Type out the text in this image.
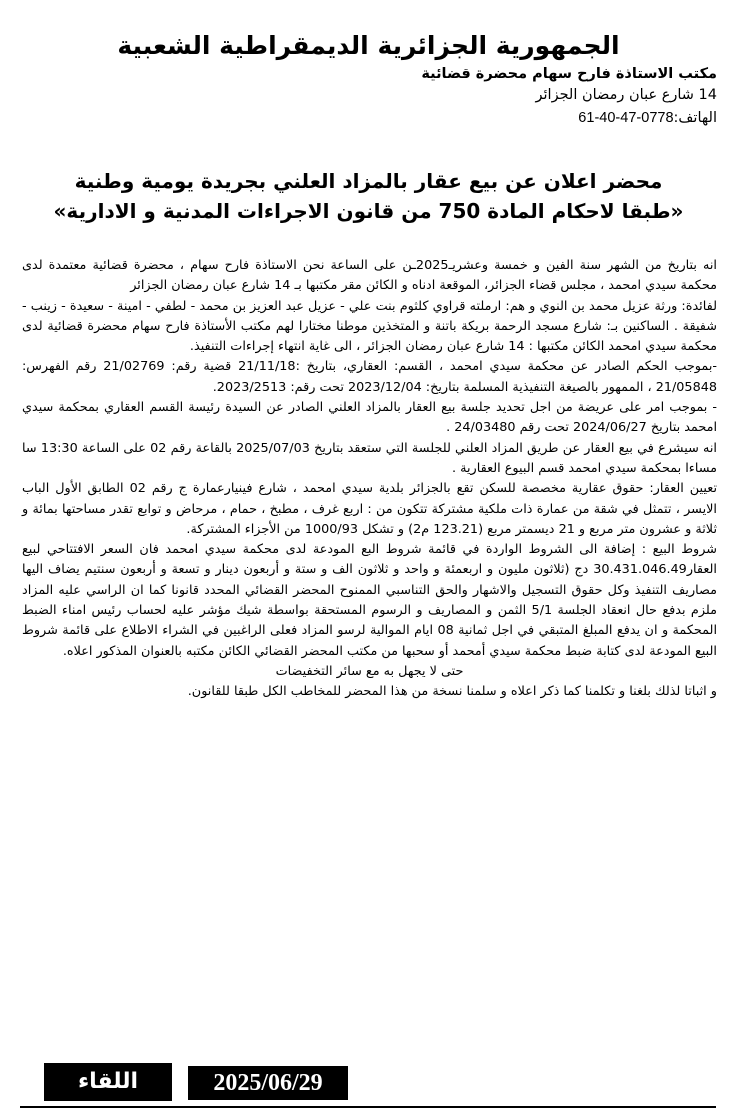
الجمهورية الجزائرية الديمقراطية الشعبية

مكتب الاستاذة فارح سهام محضرة قضائية

14 شارع عبان رمضان الجزائر

الهاتف:0778-47-40-61

محضر اعلان عن بيع عقار بالمزاد العلني بجريدة يومية وطنية

«طبقا لاحكام المادة 750 من قانون الاجراءات المدنية و الادارية»

انه بتاريخ من الشهر سنة الفين و خمسة وعشريـ2025ـن على الساعة نحن الاستاذة فارح سهام ، محضرة قضائية معتمدة لدى محكمة سيدي امحمد ، مجلس قضاء الجزائر، الموقعة ادناه و الكائن مقر مكتبها بـ 14 شارع عبان رمضان الجزائر

لفائدة: ورثة عزيل محمد بن النوي و هم: ارملته قراوي كلثوم بنت علي - عزيل عبد العزيز بن محمد - لطفي - امينة - سعيدة - زينب - شفيقة . الساكنين بـ: شارع مسجد الرحمة بريكة باتنة و المتخذين موطنا مختارا لهم مكتب الأستاذة فارح سهام محضرة قضائية لدى محكمة سيدي امحمد الكائن مكتبها : 14 شارع عبان رمضان الجزائر ، الى غاية انتهاء إجراءات التنفيذ.

-بموجب الحكم الصادر عن محكمة سيدي امحمد ، القسم: العقاري، بتاريخ :21/11/18 قضية رقم: 21/02769 رقم الفهرس: 21/05848 ، الممهور بالصيغة التنفيذية المسلمة بتاريخ: 2023/12/04 تحت رقم: 2023/2513.

- بموجب امر على عريضة من اجل تحديد جلسة بيع العقار بالمزاد العلني الصادر عن السيدة رئيسة القسم العقاري بمحكمة سيدي امحمد بتاريخ 2024/06/27 تحت رقم 24/03480 .

انه سيشرع في بيع العقار عن طريق المزاد العلني للجلسة التي ستعقد بتاريخ 2025/07/03 بالقاعة رقم 02 على الساعة 13:30 سا مساءا بمحكمة سيدي امحمد قسم البيوع العقارية .

تعيين العقار: حقوق عقارية مخصصة للسكن تقع بالجزائر بلدية سيدي امحمد ، شارع فينيارعمارة ج رقم 02 الطابق الأول الباب الايسر ، تتمثل في شقة من عمارة ذات ملكية مشتركة تتكون من : اربع غرف ، مطبخ ، حمام ، مرحاض و توابع تقدر مساحتها بمائة و ثلاثة و عشرون متر مربع و 21 ديسمتر مربع (123.21 م2) و تشكل 1000/93 من الأجزاء المشتركة.

شروط البيع : إضافة الى الشروط الواردة في قائمة شروط البع المودعة لدى محكمة سيدي امحمد فان السعر الافتتاحي لبيع العقار30.431.046.49 دج (ثلاثون مليون و اربعمئة و واحد و ثلاثون الف و ستة و أربعون دينار و تسعة و أربعون سنتيم يضاف اليها مصاريف التنفيذ وكل حقوق التسجيل والاشهار والحق التناسبي الممنوح المحضر القضائي المحدد قانونا كما ان الراسي عليه المزاد ملزم بدفع حال انعقاد الجلسة 5/1 الثمن و المصاريف و الرسوم المستحقة بواسطة شيك مؤشر عليه لحساب رئيس امناء الضبط المحكمة و ان يدفع المبلغ المتبقي في اجل ثمانية 08 ايام الموالية لرسو المزاد فعلى الراغبين في الشراء الاطلاع على قائمة شروط البيع المودعة لدى كتابة ضبط محكمة سيدي أمحمد أو سحبها من مكتب المحضر القضائي الكائن مكتبه بالعنوان المذكور اعلاه.

حتى لا يجهل به مع سائر التخفيضات

و اثباتا لذلك بلغنا و تكلمنا كما ذكر اعلاه و سلمنا نسخة من هذا المحضر للمخاطب الكل طبقا للقانون.

اللقاء	2025/06/29
